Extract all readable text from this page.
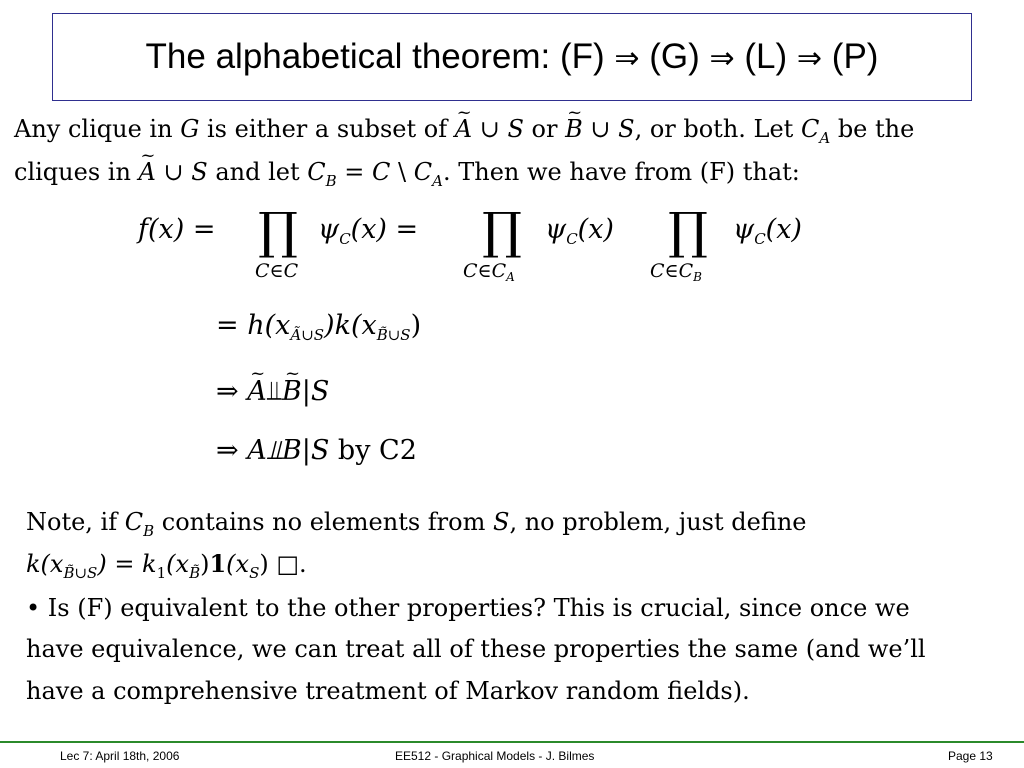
The alphabetical theorem: (F) ⇒ (G) ⇒ (L) ⇒ (P)
Any clique in G is either a subset of ~ A ∪ S or ~ B ∪ S, or both. Let $C_A$ be the
cliques in ~ A ∪ S and let $C_B = C$ \ $C_A$. Then we have from (F) that:
f(x) = ∏
C∈C
$\psi_C(x)$ = ∏
$C\in C_A$
$\psi_C(x)$ ∏
$C\in C_B$
$\psi_C(x)$
= $h(x_{Ã\cup S})k(x_{B̃\cup S})$
⇒ ~ A⫫~ B|S
⇒ A⫫B|S by C2
Note, if $C_B$ contains no elements from S, no problem, just define
$k(x_{B̃\cup S}) = k_1(x_{B̃})1(x_S)$ □.
• Is (F) equivalent to the other properties? This is crucial, since once we
have equivalence, we can treat all of these properties the same (and we’ll
have a comprehensive treatment of Markov random fields).
Lec 7: April 18th, 2006	EE512 - Graphical Models - J. Bilmes	Page 13
